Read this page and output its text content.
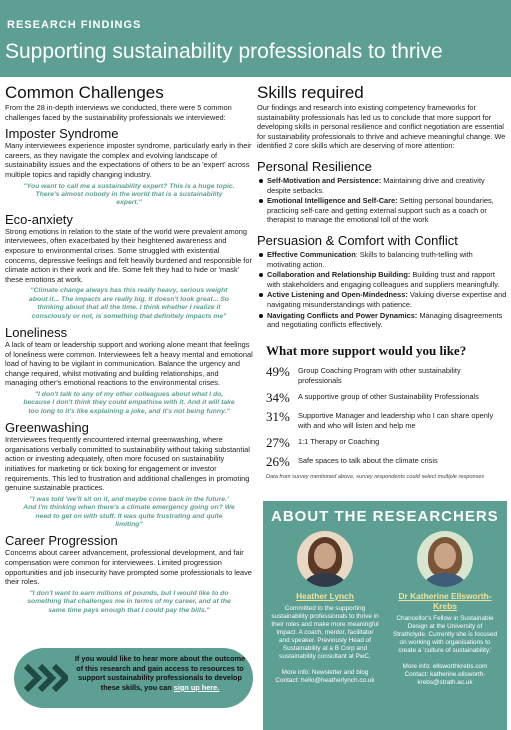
RESEARCH FINDINGS
Supporting sustainability professionals to thrive
Common Challenges

From the 28 in-depth interviews we conducted, there were 5 common challenges faced by the sustainability professionals we interviewed:

Imposter Syndrome

Many interviewees experience imposter syndrome, particularly early in their careers, as they navigate the complex and evolving landscape of sustainability issues and the expectations of others to be an 'expert' across multiple topics and rapidly changing industry.

"You want to call me a sustainability expert? This is a huge topic. There's almost nobody in the world that is a sustainability expert."
Eco-anxiety

Strong emotions in relation to the state of the world were prevalent among interviewees, often exacerbated by their heightened awareness and exposure to environmental crises. Some struggled with existential concerns, depressive feelings and felt heavily burdened and responsible for climate action in their work and life. Some felt they had to hide or 'mask' these emotions at work.

"Climate change always has this really heavy, serious weight about it... The impacts are really big. It doesn't look great... So thinking about that all the time. I think whether I realize it consciously or not, is something that definitely impacts me"
Loneliness

A lack of team or leadership support and working alone meant that feelings of loneliness were common. Interviewees felt a heavy mental and emotional load of having to be vigilant in communication. Balance the urgency and change required, whilst motivating and building relationships, and managing other's emotional reactions to the environmental crises.

"I don't talk to any of my other colleagues about what I do, because I don't think they could empathise with it. And it will take too long to it's like explaining a joke, and it's not being funny."
Greenwashing

Interviewees frequently encountered internal greenwashing, where organisations verbally committed to sustainability without taking substantial action or investing adequately, often more focused on sustainability initiatives for marketing or tick boxing for engagement or investor requirements. This led to frustration and additional challenges in promoting genuine sustainable practices.

"I was told 'we'll sit on it, and maybe come back in the future.' And I'm thinking when there's a climate emergency going on? We need to get on with stuff. It was quite frustrating and quite limiting"
Career Progression

Concerns about career advancement, professional development, and fair compensation were common for interviewees. Limited progression opportunities and job insecurity have prompted some professionals to leave their roles.

"I don't want to earn millions of pounds, but I would like to do something that challenges me in terms of my career, and at the same time pays enough that I could pay the bills."
If you would like to hear more about the outcome of this research and gain access to resources to support sustainability professionals to develop these skills, you can sign up here.
Skills required

Our findings and research into existing competency frameworks for sustainability professionals has led us to conclude that more support for developing skills in personal resilience and conflict negotiation are essential for sustainability professionals to thrive and achieve meaningful change. We identified 2 core skills which are deserving of more attention:

Personal Resilience
Self-Motivation and Persistence: Maintaining drive and creativity despite setbacks.
Emotional Intelligence and Self-Care: Setting personal boundaries, practicing self-care and getting external support such as a coach or therapist to manage the emotional toll of the work
Persuasion & Comfort with Conflict
Effective Communication: Skills to balancing truth-telling with motivating action.
Collaboration and Relationship Building: Building trust and rapport with stakeholders and engaging colleagues and suppliers meaningfully.
Active Listening and Open-Mindedness: Valuing diverse expertise and navigating misunderstandings with patience.
Navigating Conflicts and Power Dynamics: Managing disagreements and negotiating conflicts effectively.
What more support would you like?
49%	Group Coaching Program with other sustainability professionals
34%	A supportive group of other Sustainability Professionals
31%	Supportive Manager and leadership who I can share openly with and who will listen and help me
27%	1:1 Therapy or Coaching
26%	Safe spaces to talk about the climate crisis
Data from survey mentioned above, survey respondents could select multiple responses
ABOUT THE RESEARCHERS
Heather Lynch
Committed to the supporting sustainability professionals to thrive in their roles and make more meaningful impact. A coach, mentor, facilitator and speaker. Previously Head of Sustainability at a B Corp and sustainability consultant at PwC.
More info: Newsletter and blog
Contact: hello@heatherlynch.co.uk
Dr Katherine Ellsworth-Krebs
Chancellor's Fellow in Sustainable Design at the University of Strathclyde. Currently she is focused on working with organisations to create a 'culture of sustainability.'
More info: ellsworthkrebs.com
Contact: katherine.ellsworth-krebs@strath.ac.uk
